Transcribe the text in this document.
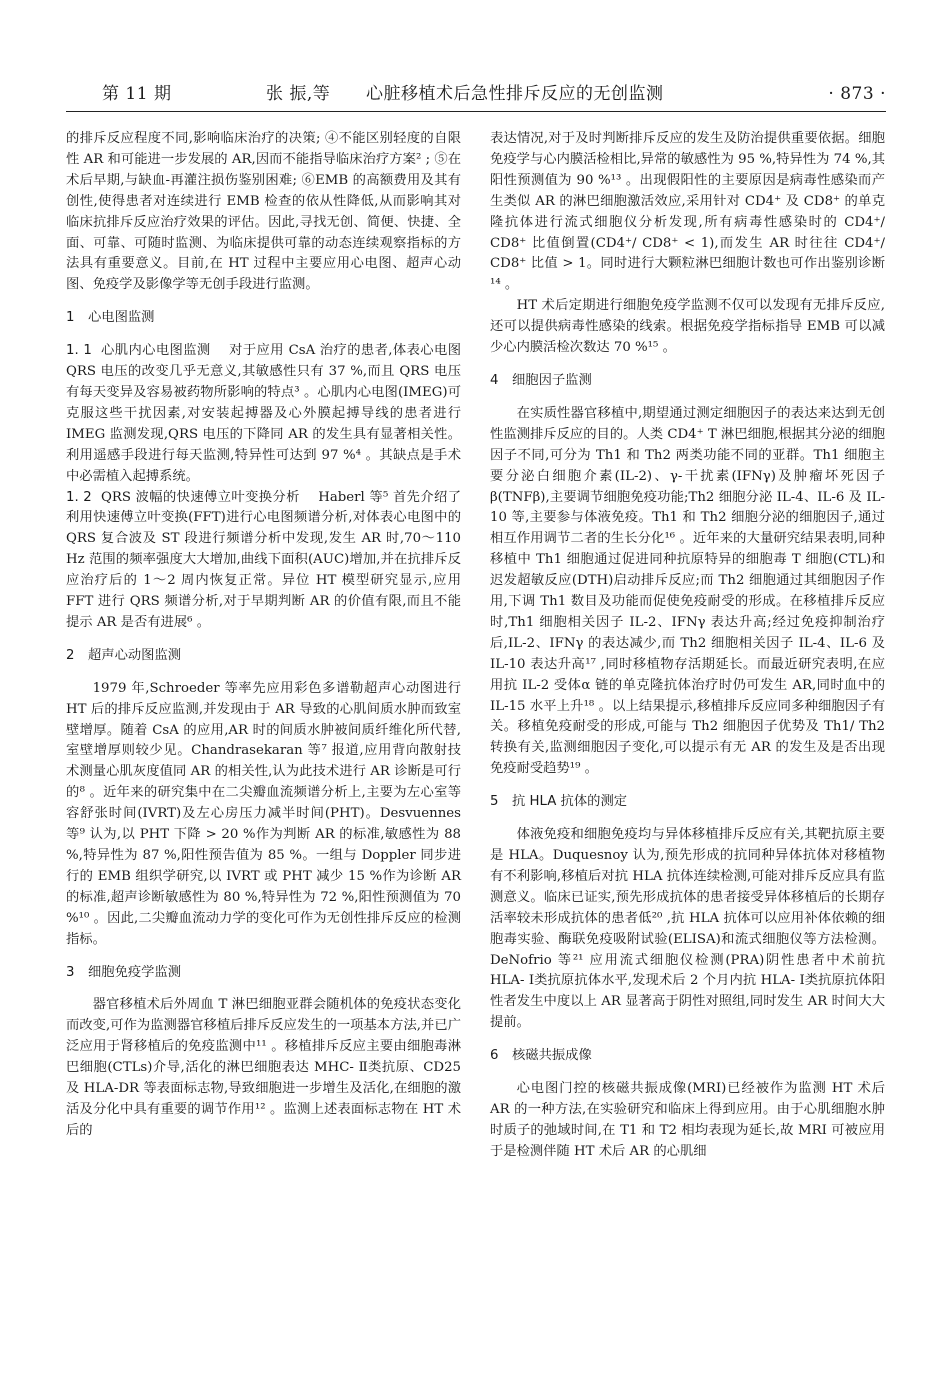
第 11 期	张 振,等 心脏移植术后急性排斥反应的无创监测	· 873 ·

的排斥反应程度不同,影响临床治疗的决策; ④不能区别轻度的自限性 AR 和可能进一步发展的 AR,因而不能指导临床治疗方案² ; ⑤在术后早期,与缺血-再灌注损伤鉴别困难; ⑥EMB 的高额费用及其有创性,使得患者对连续进行 EMB 检查的依从性降低,从而影响其对临床抗排斥反应治疗效果的评估。因此,寻找无创、简便、快捷、全面、可靠、可随时监测、为临床提供可靠的动态连续观察指标的方法具有重要意义。目前,在 HT 过程中主要应用心电图、超声心动图、免疫学及影像学等无创手段进行监测。

1 心电图监测

1. 1 心肌内心电图监测 对于应用 CsA 治疗的患者,体表心电图 QRS 电压的改变几乎无意义,其敏感性只有 37 %,而且 QRS 电压有每天变异及容易被药物所影响的特点³ 。心肌内心电图(IMEG)可克服这些干扰因素,对安装起搏器及心外膜起搏导线的患者进行 IMEG 监测发现,QRS 电压的下降同 AR 的发生具有显著相关性。利用遥感手段进行每天监测,特异性可达到 97 %⁴ 。其缺点是手术中必需植入起搏系统。

1. 2 QRS 波幅的快速傅立叶变换分析 Haberl 等⁵ 首先介绍了利用快速傅立叶变换(FFT)进行心电图频谱分析,对体表心电图中的 QRS 复合波及 ST 段进行频谱分析中发现,发生 AR 时,70～110 Hz 范围的频率强度大大增加,曲线下面积(AUC)增加,并在抗排斥反应治疗后的 1～2 周内恢复正常。异位 HT 模型研究显示,应用 FFT 进行 QRS 频谱分析,对于早期判断 AR 的价值有限,而且不能提示 AR 是否有进展⁶ 。

2 超声心动图监测

1979 年,Schroeder 等率先应用彩色多谱勒超声心动图进行 HT 后的排斥反应监测,并发现由于 AR 导致的心肌间质水肿而致室壁增厚。随着 CsA 的应用,AR 时的间质水肿被间质纤维化所代替,室壁增厚则较少见。Chandrasekaran 等⁷ 报道,应用背向散射技术测量心肌灰度值同 AR 的相关性,认为此技术进行 AR 诊断是可行的⁸ 。近年来的研究集中在二尖瓣血流频谱分析上,主要为左心室等容舒张时间(IVRT)及左心房压力减半时间(PHT)。Desvuennes 等⁹ 认为,以 PHT 下降 > 20 %作为判断 AR 的标准,敏感性为 88 %,特异性为 87 %,阳性预告值为 85 %。一组与 Doppler 同步进行的 EMB 组织学研究,以 IVRT 或 PHT 减少 15 %作为诊断 AR 的标准,超声诊断敏感性为 80 %,特异性为 72 %,阳性预测值为 70 %¹⁰ 。因此,二尖瓣血流动力学的变化可作为无创性排斥反应的检测指标。

3 细胞免疫学监测

器官移植术后外周血 T 淋巴细胞亚群会随机体的免疫状态变化而改变,可作为监测器官移植后排斥反应发生的一项基本方法,并已广泛应用于肾移植后的免疫监测中¹¹ 。移植排斥反应主要由细胞毒淋巴细胞(CTLs)介导,活化的淋巴细胞表达 MHC- Ⅱ类抗原、CD25 及 HLA-DR 等表面标志物,导致细胞进一步增生及活化,在细胞的激活及分化中具有重要的调节作用¹² 。监测上述表面标志物在 HT 术后的

表达情况,对于及时判断排斥反应的发生及防治提供重要依据。细胞免疫学与心内膜活检相比,异常的敏感性为 95 %,特异性为 74 %,其阳性预测值为 90 %¹³ 。出现假阳性的主要原因是病毒性感染而产生类似 AR 的淋巴细胞激活效应,采用针对 CD4⁺ 及 CD8⁺ 的单克隆抗体进行流式细胞仪分析发现,所有病毒性感染时的 CD4⁺/ CD8⁺ 比值倒置(CD4⁺/ CD8⁺ < 1),而发生 AR 时往往 CD4⁺/ CD8⁺ 比值 > 1。同时进行大颗粒淋巴细胞计数也可作出鉴别诊断¹⁴ 。

HT 术后定期进行细胞免疫学监测不仅可以发现有无排斥反应,还可以提供病毒性感染的线索。根据免疫学指标指导 EMB 可以减少心内膜活检次数达 70 %¹⁵ 。

4 细胞因子监测

在实质性器官移植中,期望通过测定细胞因子的表达来达到无创性监测排斥反应的目的。人类 CD4⁺ T 淋巴细胞,根据其分泌的细胞因子不同,可分为 Th1 和 Th2 两类功能不同的亚群。Th1 细胞主要分泌白细胞介素(IL-2)、γ-干扰素(IFNγ)及肿瘤坏死因子β(TNFβ),主要调节细胞免疫功能;Th2 细胞分泌 IL-4、IL-6 及 IL-10 等,主要参与体液免疫。Th1 和 Th2 细胞分泌的细胞因子,通过相互作用调节二者的生长分化¹⁶ 。近年来的大量研究结果表明,同种移植中 Th1 细胞通过促进同种抗原特异的细胞毒 T 细胞(CTL)和迟发超敏反应(DTH)启动排斥反应;而 Th2 细胞通过其细胞因子作用,下调 Th1 数目及功能而促使免疫耐受的形成。在移植排斥反应时,Th1 细胞相关因子 IL-2、IFNγ 表达升高;经过免疫抑制治疗后,IL-2、IFNγ 的表达减少,而 Th2 细胞相关因子 IL-4、IL-6 及 IL-10 表达升高¹⁷ ,同时移植物存活期延长。而最近研究表明,在应用抗 IL-2 受体α 链的单克隆抗体治疗时仍可发生 AR,同时血中的 IL-15 水平上升¹⁸ 。以上结果提示,移植排斥反应同多种细胞因子有关。移植免疫耐受的形成,可能与 Th2 细胞因子优势及 Th1/ Th2 转换有关,监测细胞因子变化,可以提示有无 AR 的发生及是否出现免疫耐受趋势¹⁹ 。

5 抗 HLA 抗体的测定

体液免疫和细胞免疫均与异体移植排斥反应有关,其靶抗原主要是 HLA。Duquesnoy 认为,预先形成的抗同种异体抗体对移植物有不利影响,移植后对抗 HLA 抗体连续检测,可能对排斥反应具有监测意义。临床已证实,预先形成抗体的患者接受异体移植后的长期存活率较未形成抗体的患者低²⁰ ,抗 HLA 抗体可以应用补体依赖的细胞毒实验、酶联免疫吸附试验(ELISA)和流式细胞仪等方法检测。DeNofrio 等²¹ 应用流式细胞仪检测(PRA)阴性患者中术前抗 HLA- Ⅰ类抗原抗体水平,发现术后 2 个月内抗 HLA- Ⅰ类抗原抗体阳性者发生中度以上 AR 显著高于阴性对照组,同时发生 AR 时间大大提前。

6 核磁共振成像

心电图门控的核磁共振成像(MRI)已经被作为监测 HT 术后 AR 的一种方法,在实验研究和临床上得到应用。由于心肌细胞水肿时质子的弛域时间,在 T1 和 T2 相均表现为延长,故 MRI 可被应用于是检测伴随 HT 术后 AR 的心肌细
